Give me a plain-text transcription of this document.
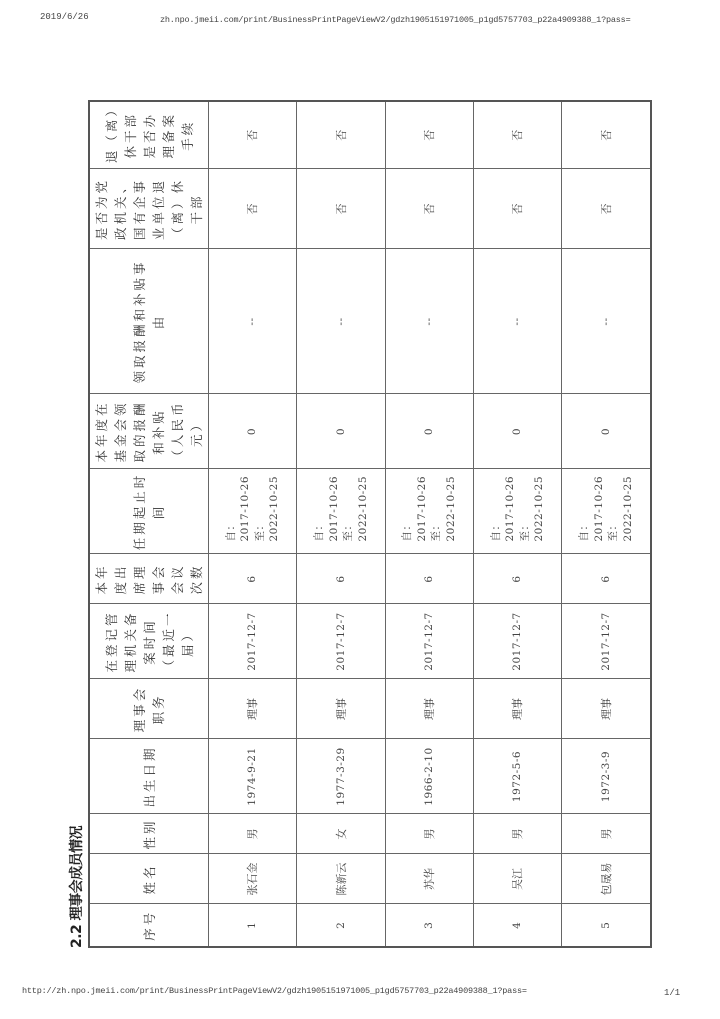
2019/6/26	zh.npo.jmeii.com/print/BusinessPrintPageViewV2/gdzh1905151971005_p1gd5757703_p22a4909388_1?pass=
2.2 理事会成员情况	序号	姓名	性别	出生日期	理事会职务	在登记管理机关备案时间（最近一届）	本年度出席理事会会议次数	任期起止时间	本年度在基金会领取的报酬和补贴（人民币元）	领取报酬和补贴事由	是否为党政机关、国有企事业单位退（离）休干部	退（离）休干部是否办理备案手续
1	张石金	男	1974-9-21	理事	2017-12-7	6	自： 2017-10-26 至： 2022-10-25	0	--	否	否
2	陈新云	女	1977-3-29	理事	2017-12-7	6	自： 2017-10-26 至： 2022-10-25	0	--	否	否
3	苏华	男	1966-2-10	理事	2017-12-7	6	自： 2017-10-26 至： 2022-10-25	0	--	否	否
4	吴江	男	1972-5-6	理事	2017-12-7	6	自： 2017-10-26 至： 2022-10-25	0	--	否	否
5	包晟易	男	1972-3-9	理事	2017-12-7	6	自： 2017-10-26 至： 2022-10-25	0	--	否	否
http://zh.npo.jmeii.com/print/BusinessPrintPageViewV2/gdzh1905151971005_p1gd5757703_p22a4909388_1?pass=	1/1
